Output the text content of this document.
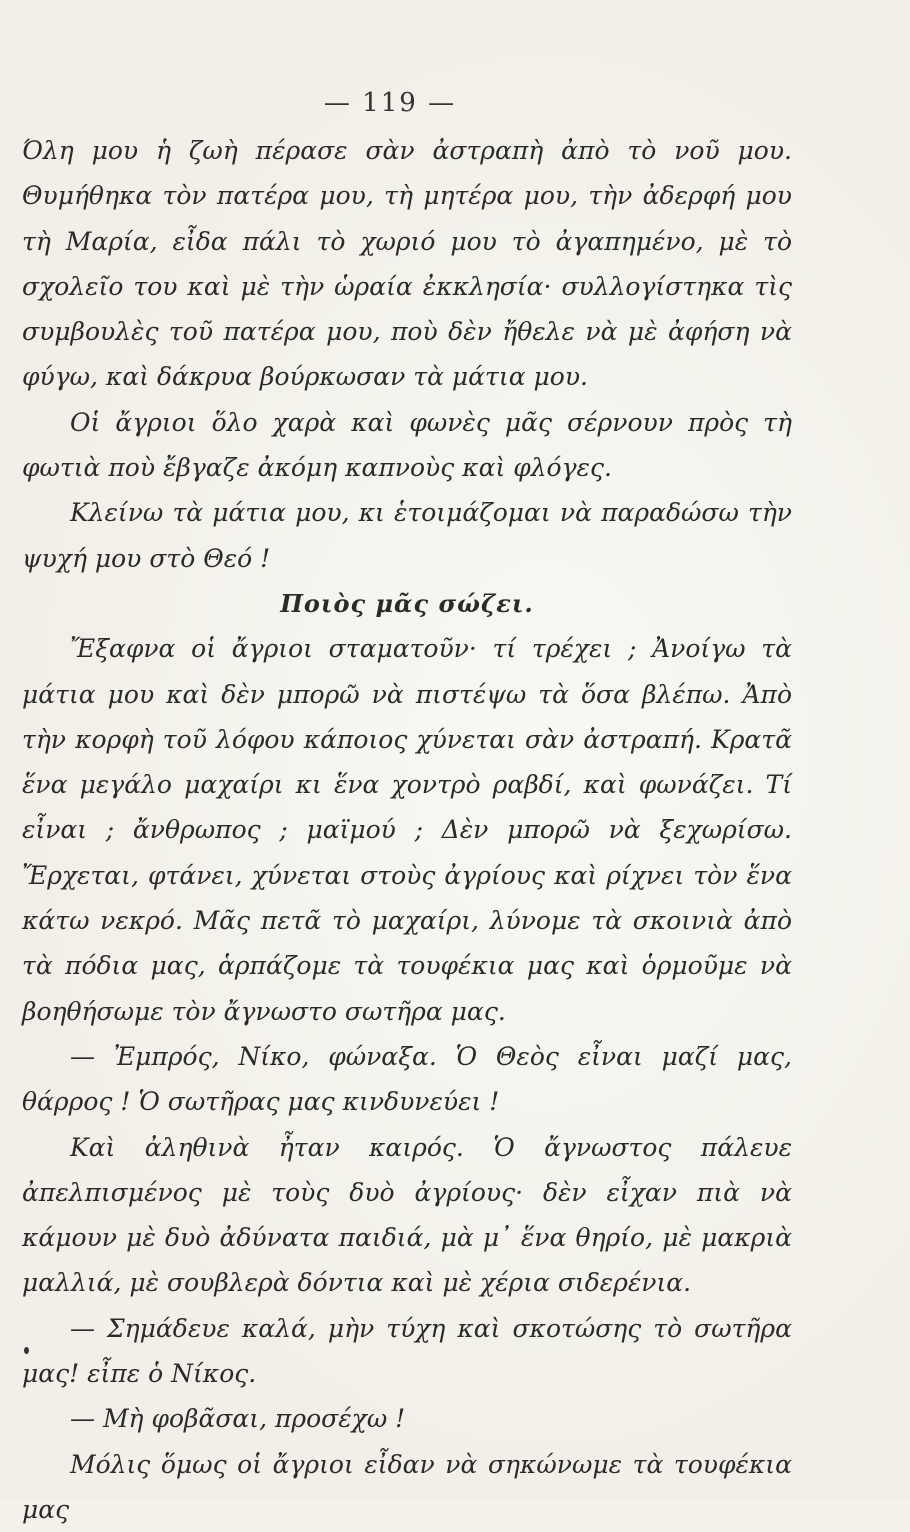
— 119 —

Όλη μου ἡ ζωὴ πέρασε σὰν ἀστραπὴ ἀπὸ τὸ νοῦ μου. Θυμήθηκα τὸν πατέρα μου, τὴ μητέρα μου, τὴν ἀδερφή μου τὴ Μαρία, εἶδα πάλι τὸ χωριό μου τὸ ἀγαπημένο, μὲ τὸ σχολεῖο του καὶ μὲ τὴν ὡραία ἐκκλησία· συλλογίστηκα τὶς συμβουλὲς τοῦ πατέρα μου, ποὺ δὲν ἤθελε νὰ μὲ ἀφήση νὰ φύγω, καὶ δάκρυα βούρκωσαν τὰ μάτια μου.

Οἱ ἄγριοι ὅλο χαρὰ καὶ φωνὲς μᾶς σέρνουν πρὸς τὴ φωτιὰ ποὺ ἔβγαζε ἀκόμη καπνοὺς καὶ φλόγες.

Κλείνω τὰ μάτια μου, κι ἑτοιμάζομαι νὰ παραδώσω τὴν ψυχή μου στὸ Θεό !

Ποιὸς μᾶς σώζει.

Ἔξαφνα οἱ ἄγριοι σταματοῦν· τί τρέχει ; Ἀνοίγω τὰ μάτια μου καὶ δὲν μπορῶ νὰ πιστέψω τὰ ὅσα βλέπω. Ἀπὸ τὴν κορφὴ τοῦ λόφου κάποιος χύνεται σὰν ἀστραπή. Κρατᾶ ἕνα μεγάλο μαχαίρι κι ἕνα χοντρὸ ραβδί, καὶ φωνάζει. Τί εἶναι ; ἄνθρωπος ; μαϊμού ; Δὲν μπορῶ νὰ ξεχωρίσω. Ἔρχεται, φτάνει, χύνεται στοὺς ἀγρίους καὶ ρίχνει τὸν ἕνα κάτω νεκρό. Μᾶς πετᾶ τὸ μαχαίρι, λύνομε τὰ σκοινιὰ ἀπὸ τὰ πόδια μας, ἁρπάζομε τὰ τουφέκια μας καὶ ὁρμοῦμε νὰ βοηθήσωμε τὸν ἄγνωστο σωτῆρα μας.

— Ἐμπρός, Νίκο, φώναξα. Ὁ Θεὸς εἶναι μαζί μας, θάρρος ! Ὁ σωτῆρας μας κινδυνεύει !

Καὶ ἀληθινὰ ἦταν καιρός. Ὁ ἄγνωστος πάλευε ἀπελπισμένος μὲ τοὺς δυὸ ἀγρίους· δὲν εἶχαν πιὰ νὰ κάμουν μὲ δυὸ ἀδύνατα παιδιά, μὰ μ᾽ ἕνα θηρίο, μὲ μακριὰ μαλλιά, μὲ σουβλερὰ δόντια καὶ μὲ χέρια σιδερένια.

— Σημάδευε καλά, μὴν τύχη καὶ σκοτώσης τὸ σωτῆρα μας! εἶπε ὁ Νίκος.

— Μὴ φοβᾶσαι, προσέχω !

Μόλις ὅμως οἱ ἄγριοι εἶδαν νὰ σηκώνωμε τὰ τουφέκια μας
